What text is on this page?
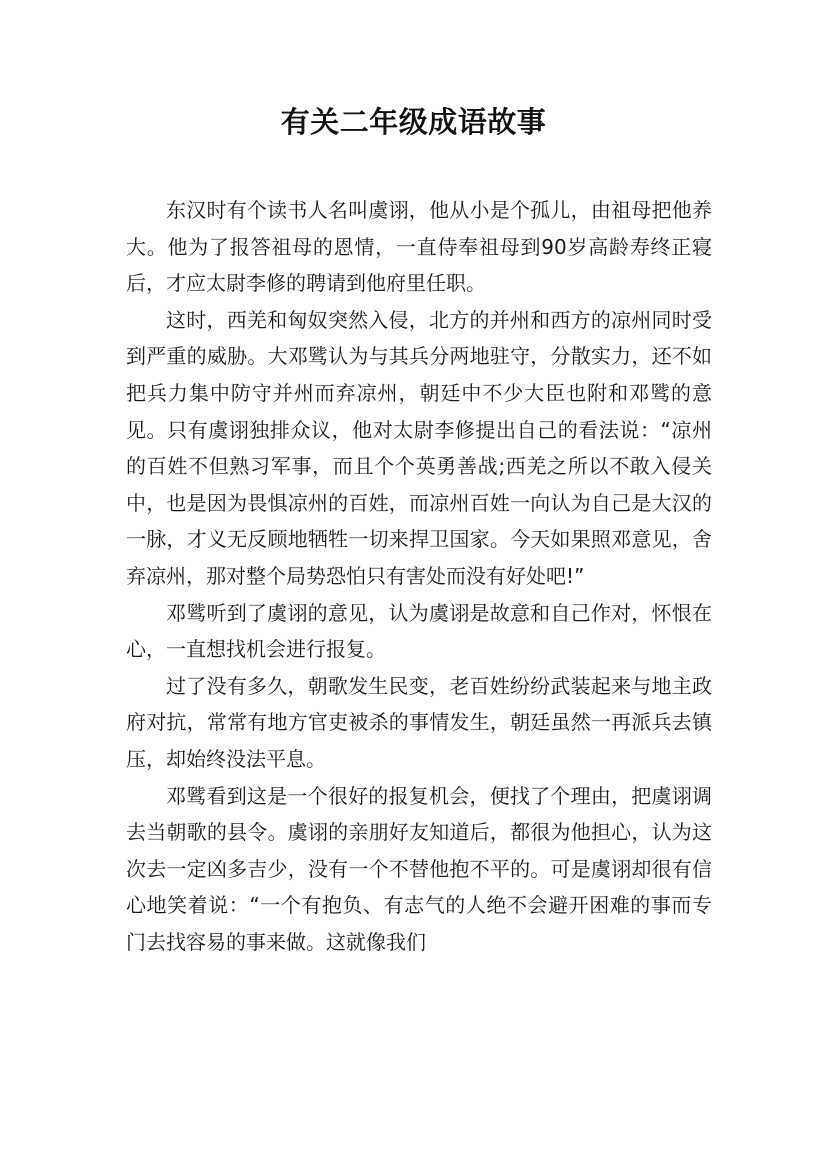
有关二年级成语故事

东汉时有个读书人名叫虞诩，他从小是个孤儿，由祖母把他养大。他为了报答祖母的恩情，一直侍奉祖母到90岁高龄寿终正寝后，才应太尉李修的聘请到他府里任职。

这时，西羌和匈奴突然入侵，北方的并州和西方的凉州同时受到严重的威胁。大邓骘认为与其兵分两地驻守，分散实力，还不如把兵力集中防守并州而弃凉州，朝廷中不少大臣也附和邓骘的意见。只有虞诩独排众议，他对太尉李修提出自己的看法说：“凉州的百姓不但熟习军事，而且个个英勇善战;西羌之所以不敢入侵关中，也是因为畏惧凉州的百姓，而凉州百姓一向认为自己是大汉的一脉，才义无反顾地牺牲一切来捍卫国家。今天如果照邓意见，舍弃凉州，那对整个局势恐怕只有害处而没有好处吧!”

邓骘听到了虞诩的意见，认为虞诩是故意和自己作对，怀恨在心，一直想找机会进行报复。

过了没有多久，朝歌发生民变，老百姓纷纷武装起来与地主政府对抗，常常有地方官吏被杀的事情发生，朝廷虽然一再派兵去镇压，却始终没法平息。

邓骘看到这是一个很好的报复机会，便找了个理由，把虞诩调去当朝歌的县令。虞诩的亲朋好友知道后，都很为他担心，认为这次去一定凶多吉少，没有一个不替他抱不平的。可是虞诩却很有信心地笑着说：“一个有抱负、有志气的人绝不会避开困难的事而专门去找容易的事来做。这就像我们
